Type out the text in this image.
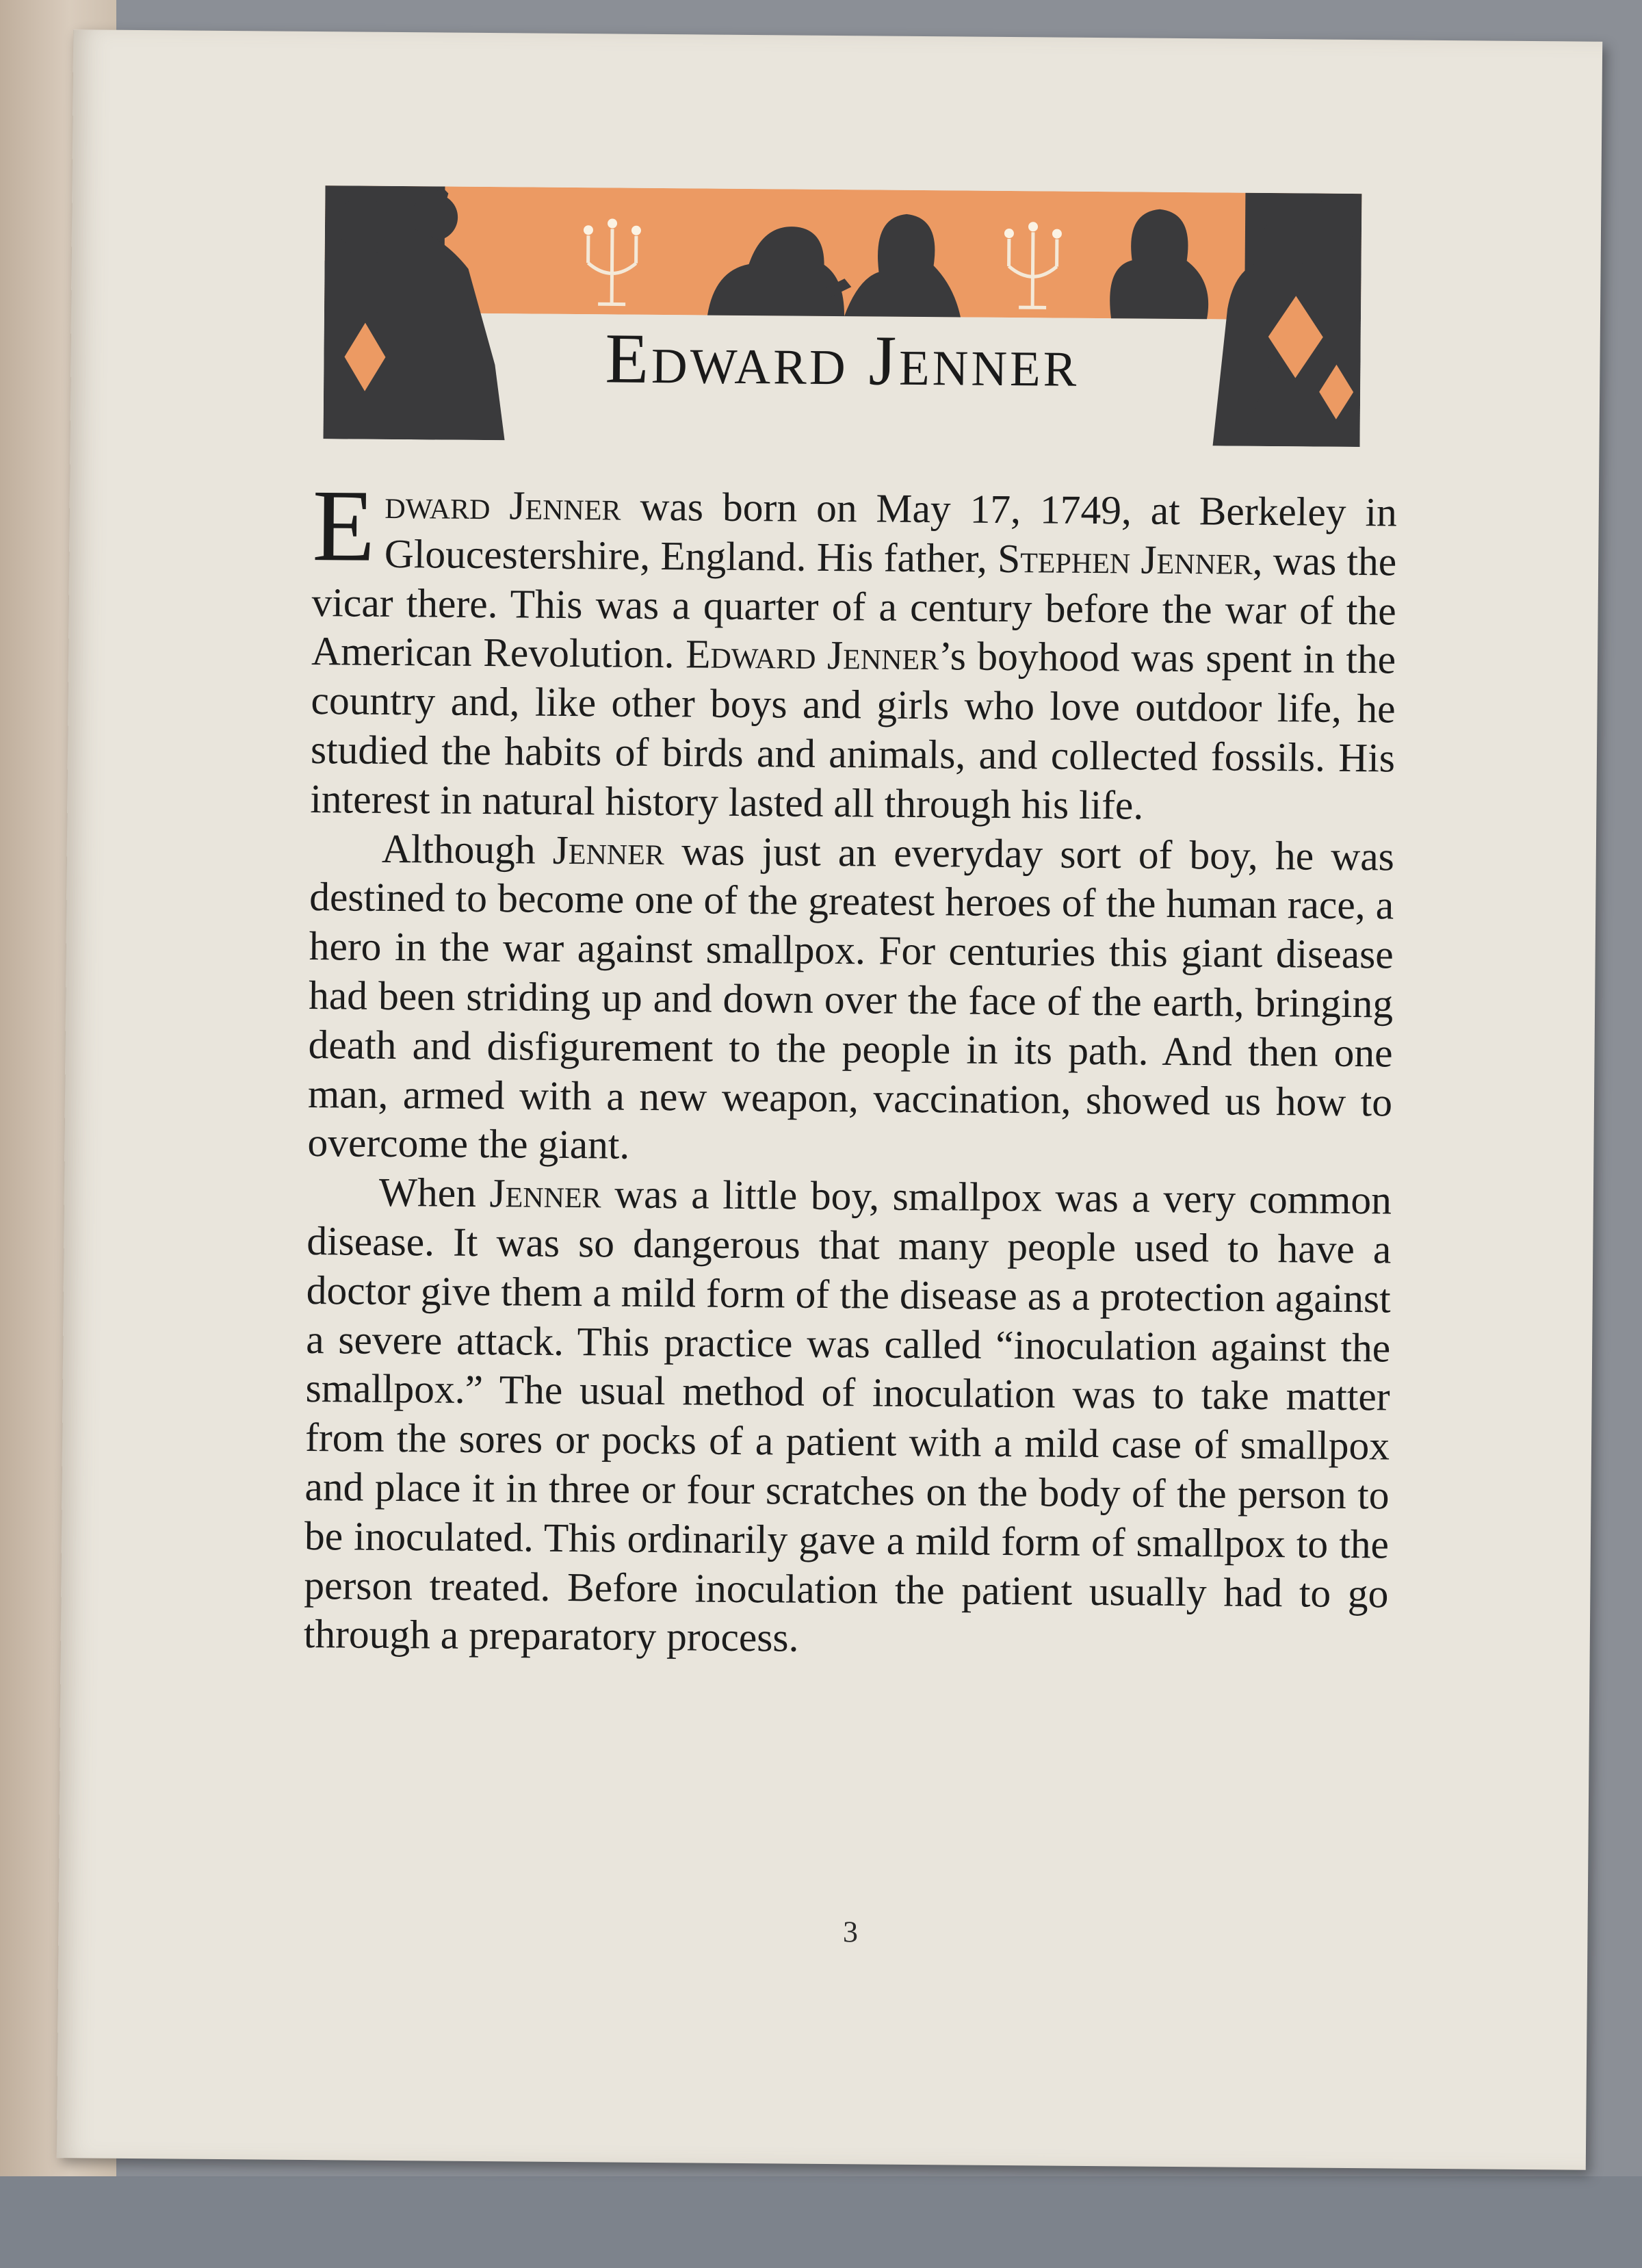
Edward Jenner

Edward Jenner was born on May 17, 1749, at Berkeley in Gloucestershire, England. His father, Stephen Jenner, was the vicar there. This was a quarter of a century before the war of the American Revolution. Edward Jenner’s boyhood was spent in the country and, like other boys and girls who love outdoor life, he studied the habits of birds and animals, and collected fossils. His interest in natural history lasted all through his life.

Although Jenner was just an everyday sort of boy, he was destined to become one of the greatest heroes of the human race, a hero in the war against smallpox. For centuries this giant disease had been striding up and down over the face of the earth, bringing death and disfigurement to the people in its path. And then one man, armed with a new weapon, vaccination, showed us how to overcome the giant.

When Jenner was a little boy, smallpox was a very common disease. It was so dangerous that many people used to have a doctor give them a mild form of the disease as a protection against a severe attack. This practice was called “inoculation against the smallpox.” The usual method of inoculation was to take matter from the sores or pocks of a patient with a mild case of smallpox and place it in three or four scratches on the body of the person to be inoculated. This ordinarily gave a mild form of smallpox to the person treated. Before inoculation the patient usually had to go through a preparatory process.

3
